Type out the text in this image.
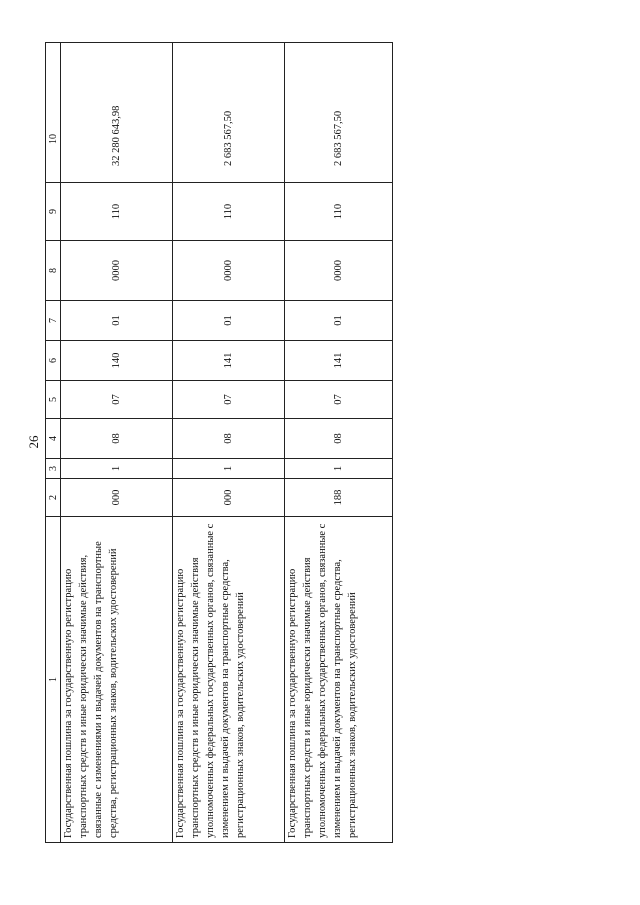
26
1	2	3	4	5	6	7	8	9	10
Государственная пошлина за государственную регистрацию транспортных средств и иные юридически значимые действия, связанные с изменениями и выдачей документов на транспортные средства, регистрационных знаков, водительских удостоверений	000	1	08	07	140	01	0000	110	32 280 643,98
Государственная пошлина за государственную регистрацию транспортных средств и иные юридически значимые действия уполномоченных федеральных государственных органов, связанные с изменением и выдачей документов на транспортные средства, регистрационных знаков, водительских удостоверений	000	1	08	07	141	01	0000	110	2 683 567,50
Государственная пошлина за государственную регистрацию транспортных средств и иные юридически значимые действия уполномоченных федеральных государственных органов, связанные с изменением и выдачей документов на транспортные средства, регистрационных знаков, водительских удостоверений	188	1	08	07	141	01	0000	110	2 683 567,50
